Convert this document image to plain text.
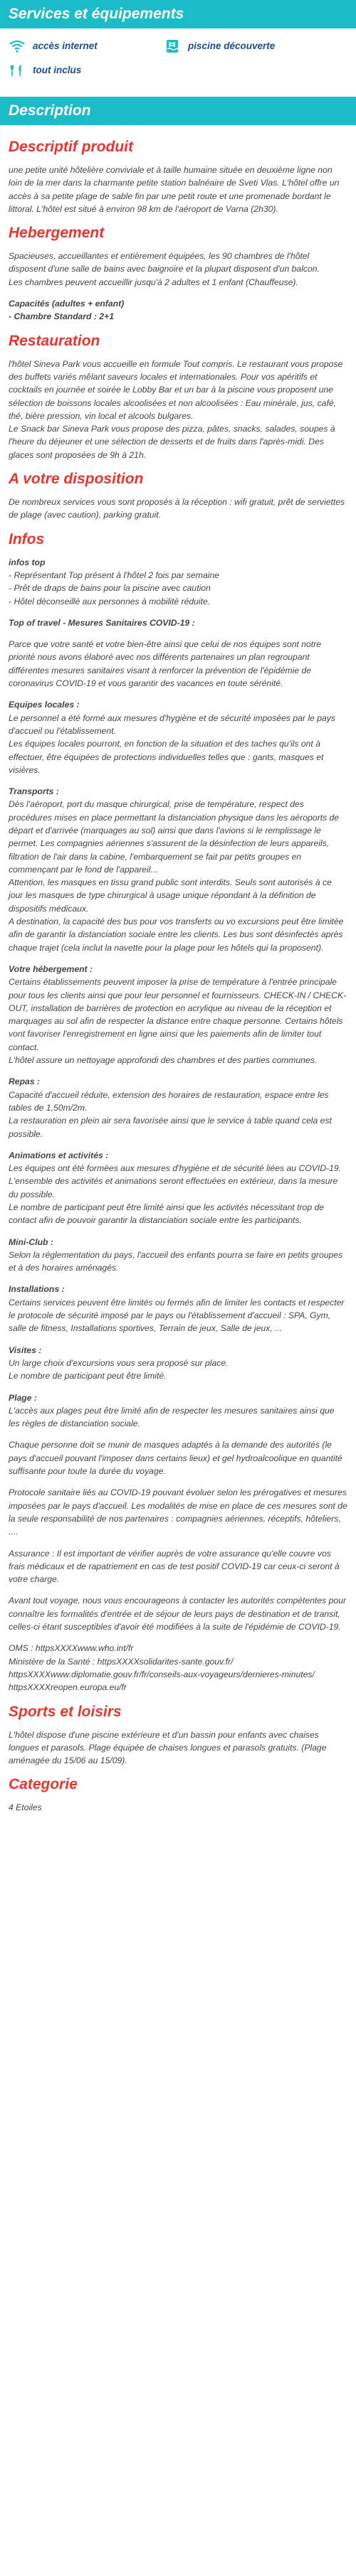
Services et équipements
accès internet	piscine découverte
tout inclus
Description
Descriptif produit

une petite unité hôtelière conviviale et à taille humaine située en deuxième ligne non loin de la mer dans la charmante petite station balnéaire de Sveti Vlas. L'hôtel offre un accès à sa petite plage de sable fin par une petit route et une promenade bordant le littoral. L'hôtel est situé à environ 98 km de l'aéroport de Varna (2h30).

Hebergement

Spacieuses, accueillantes et entièrement équipées, les 90 chambres de l'hôtel disposent d'une salle de bains avec baignoire et la plupart disposent d'un balcon.
Les chambres peuvent accueillir jusqu'à 2 adultes et 1 enfant (Chauffeuse).

Capacités (adultes + enfant)
- Chambre Standard : 2+1

Restauration

l'hôtel Sineva Park vous accueille en formule Tout compris. Le restaurant vous propose des buffets variés mêlant saveurs locales et internationales. Pour vos apéritifs et cocktails en journée et soirée le Lobby Bar et un bar à la piscine vous proposent une sélection de boissons locales alcoolisées et non alcoolisées : Eau minérale, jus, café, thé, bière pression, vin local et alcools bulgares.
Le Snack bar Sineva Park vous propose des pizza, pâtes, snacks, salades, soupes à l'heure du déjeuner et une sélection de desserts et de fruits dans l'après-midi. Des glaces sont proposées de 9h à 21h.

A votre disposition

De nombreux services vous sont proposés à la réception : wifi gratuit, prêt de serviettes de plage (avec caution), parking gratuit.

Infos
infos top
- Représentant Top présent à l'hôtel 2 fois par semaine
- Prêt de draps de bains pour la piscine avec caution
- Hôtel déconseillé aux personnes à mobilité réduite.

Top of travel - Mesures Sanitaires COVID-19 :

Parce que votre santé et votre bien-être ainsi que celui de nos équipes sont notre priorité nous avons élaboré avec nos différents partenaires un plan regroupant différentes mesures sanitaires visant à renforcer la prévention de l'épidémie de coronavirus COVID-19 et vous garantir des vacances en toute sérénité.

Equipes locales :
Le personnel a été formé aux mesures d'hygiène et de sécurité imposées par le pays d'accueil ou l'établissement.
Les équipes locales pourront, en fonction de la situation et des taches qu'ils ont à effectuer, être équipées de protections individuelles telles que : gants, masques et visières.

Transports :
Dès l'aéroport, port du masque chirurgical, prise de température, respect des procédures mises en place permettant la distanciation physique dans les aéroports de départ et d'arrivée (marquages au sol) ainsi que dans l'avions si le remplissage le permet. Les compagnies aériennes s'assurent de la désinfection de leurs appareils, filtration de l'air dans la cabine, l'embarquement se fait par petits groupes en commençant par le fond de l'appareil...
Attention, les masques en tissu grand public sont interdits. Seuls sont autorisés à ce jour les masques de type chirurgical à usage unique répondant à la définition de dispositifs médicaux.
A destination, la capacité des bus pour vos transferts ou vo excursions peut être limitée afin de garantir la distanciation sociale entre les clients. Les bus sont désinfectés après chaque trajet (cela inclut la navette pour la plage pour les hôtels qui la proposent).

Votre hébergement :
Certains établissements peuvent imposer la prise de température à l'entrée principale pour tous les clients ainsi que pour leur personnel et fournisseurs. CHECK-IN / CHECK-OUT, installation de barrières de protection en acrylique au niveau de la réception et marquages au sol afin de respecter la distance entre chaque personne. Certains hôtels vont favoriser l'enregistrement en ligne ainsi que les paiements afin de limiter tout contact.
L'hôtel assure un nettoyage approfondi des chambres et des parties communes.

Repas :
Capacité d'accueil réduite, extension des horaires de restauration, espace entre les tables de 1,50m/2m.
La restauration en plein air sera favorisée ainsi que le service à table quand cela est possible.

Animations et activités :
Les équipes ont été formées aux mesures d'hygiène et de sécurité liées au COVID-19.
L'ensemble des activités et animations seront effectuées en extérieur, dans la mesure du possible.
Le nombre de participant peut être limité ainsi que les activités nécessitant trop de contact afin de pouvoir garantir la distanciation sociale entre les participants.

Mini-Club :
Selon la réglementation du pays, l'accueil des enfants pourra se faire en petits groupes et à des horaires aménagés.

Installations :
Certains services peuvent être limités ou fermés afin de limiter les contacts et respecter le protocole de sécurité imposé par le pays ou l'établissement d'accueil : SPA, Gym, salle de fitness, Installations sportives, Terrain de jeux, Salle de jeux, ...

Visites :
Un large choix d'excursions vous sera proposé sur place.
Le nombre de participant peut être limité.

Plage :
L'accès aux plages peut être limité afin de respecter les mesures sanitaires ainsi que les règles de distanciation sociale.

Chaque personne doit se munir de masques adaptés à la demande des autorités (le pays d'accueil pouvant l'imposer dans certains lieux) et gel hydroalcoolique en quantité suffisante pour toute la durée du voyage.

Protocole sanitaire liés au COVID-19 pouvant évoluer selon les prérogatives et mesures imposées par le pays d'accueil. Les modalités de mise en place de ces mesures sont de la seule responsabilité de nos partenaires : compagnies aériennes, réceptifs, hôteliers, ....

Assurance : Il est important de vérifier auprès de votre assurance qu'elle couvre vos frais médicaux et de rapatriement en cas de test positif COVID-19 car ceux-ci seront à votre charge.

Avant tout voyage, nous vous encourageons à contacter les autorités compétentes pour connaître les formalités d'entrée et de séjour de leurs pays de destination et de transit, celles-ci étant susceptibles d'avoir été modifiées à la suite de l'épidémie de COVID-19.

OMS : httpsXXXXwww.who.int/fr
Ministère de la Santé : httpsXXXXsolidarites-sante.gouv.fr/
httpsXXXXwww.diplomatie.gouv.fr/fr/conseils-aux-voyageurs/dernieres-minutes/
httpsXXXXreopen.europa.eu/fr
Sports et loisirs

L'hôtel dispose d'une piscine extérieure et d'un bassin pour enfants avec chaises longues et parasols. Plage équipée de chaises longues et parasols gratuits. (Plage aménagée du 15/06 au 15/09).

Categorie
4 Etoiles
